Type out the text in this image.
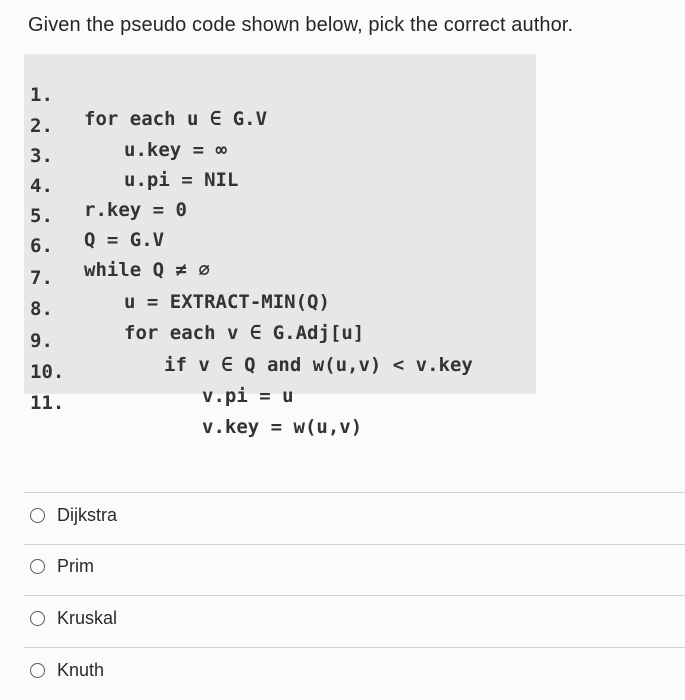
Given the pseudo code shown below, pick the correct author.

1.

for each u ∈ G.V

2.

u.key = ∞

3.

u.pi = NIL

4.

r.key = 0

5.

Q = G.V

6.

while Q ≠ ∅

7.

u = EXTRACT-MIN(Q)

8.

for each v ∈ G.Adj[u]

9.

if v ∈ Q and w(u,v) < v.key

10.

v.pi = u

11.

v.key = w(u,v)

Dijkstra
Prim
Kruskal
Knuth
